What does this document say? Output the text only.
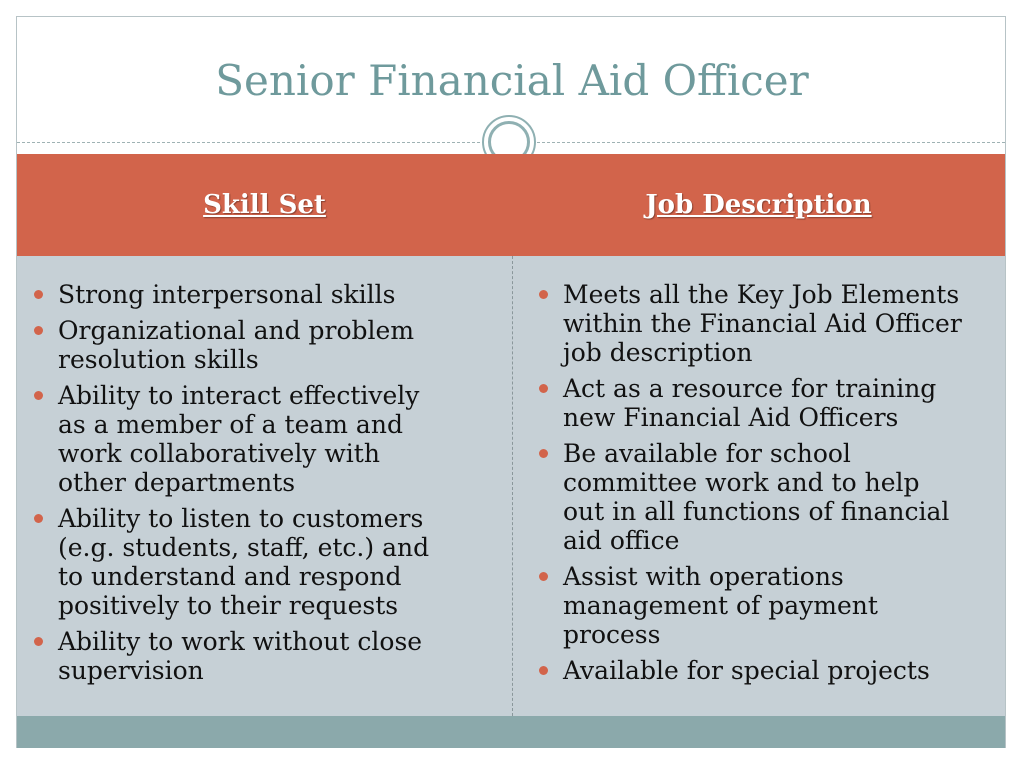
Senior Financial Aid Officer
Skill Set	Job Description
Strong interpersonal skills
Organizational and problem resolution skills
Ability to interact effectively as a member of a team and work collaboratively with other departments
Ability to listen to customers (e.g. students, staff, etc.) and to understand and respond positively to their requests
Ability to work without close supervision
Meets all the Key Job Elements within the Financial Aid Officer job description
Act as a resource for training new Financial Aid Officers
Be available for school committee work and to help out in all functions of financial aid office
Assist with operations management of payment process
Available for special projects
